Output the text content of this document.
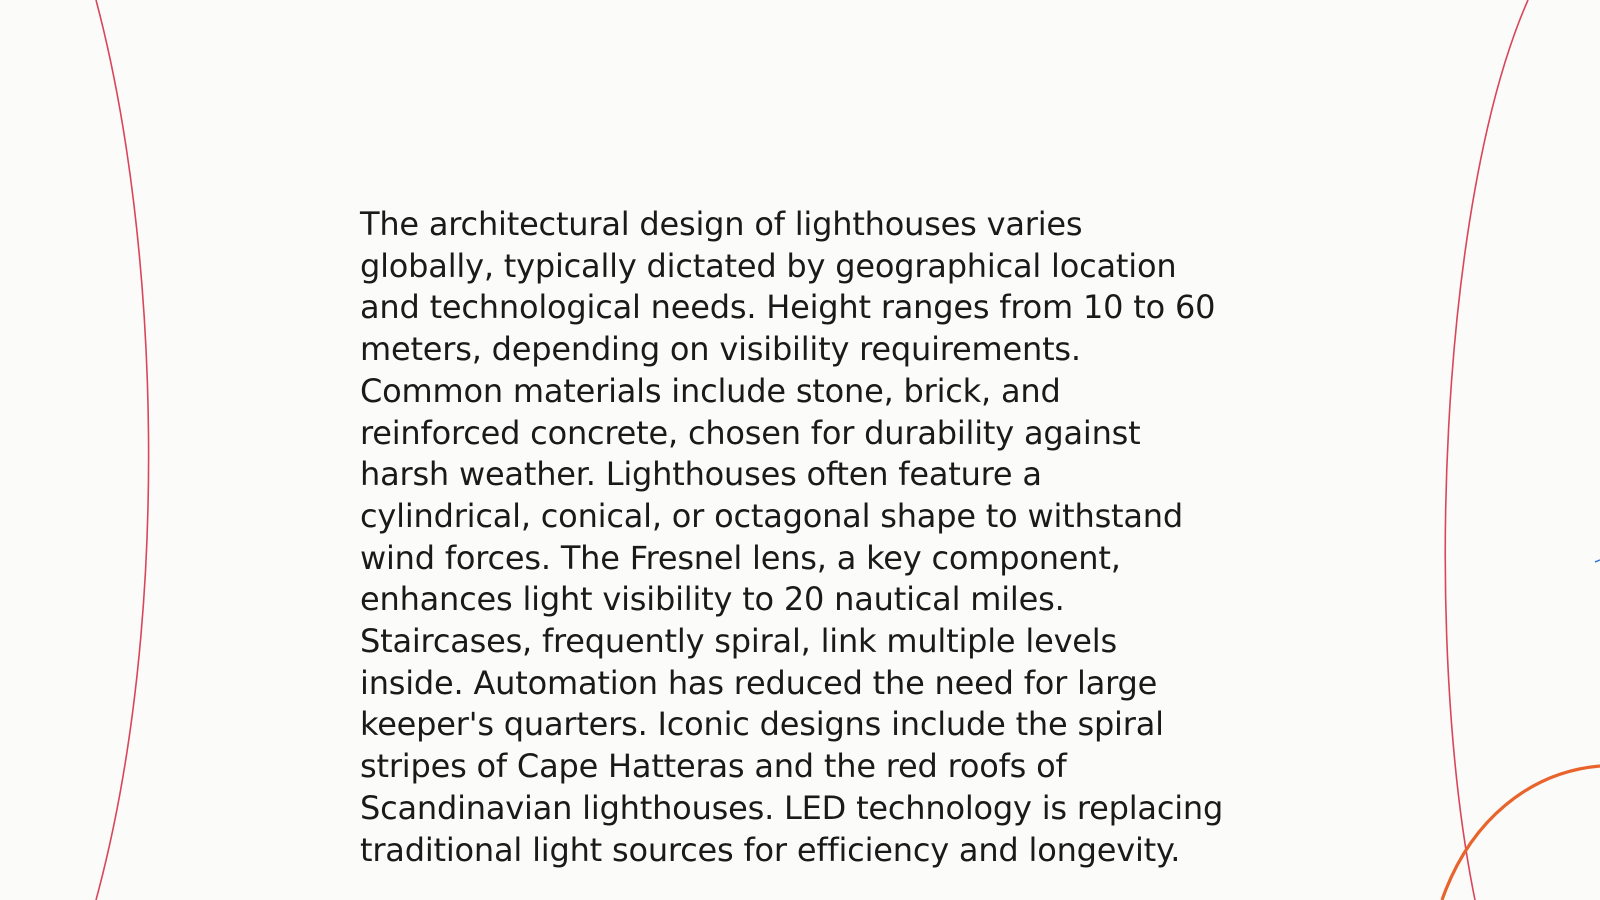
The architectural design of lighthouses varies
globally, typically dictated by geographical location
and technological needs. Height ranges from 10 to 60
meters, depending on visibility requirements.
Common materials include stone, brick, and
reinforced concrete, chosen for durability against
harsh weather. Lighthouses often feature a
cylindrical, conical, or octagonal shape to withstand
wind forces. The Fresnel lens, a key component,
enhances light visibility to 20 nautical miles.
Staircases, frequently spiral, link multiple levels
inside. Automation has reduced the need for large
keeper's quarters. Iconic designs include the spiral
stripes of Cape Hatteras and the red roofs of
Scandinavian lighthouses. LED technology is replacing
traditional light sources for efficiency and longevity.
